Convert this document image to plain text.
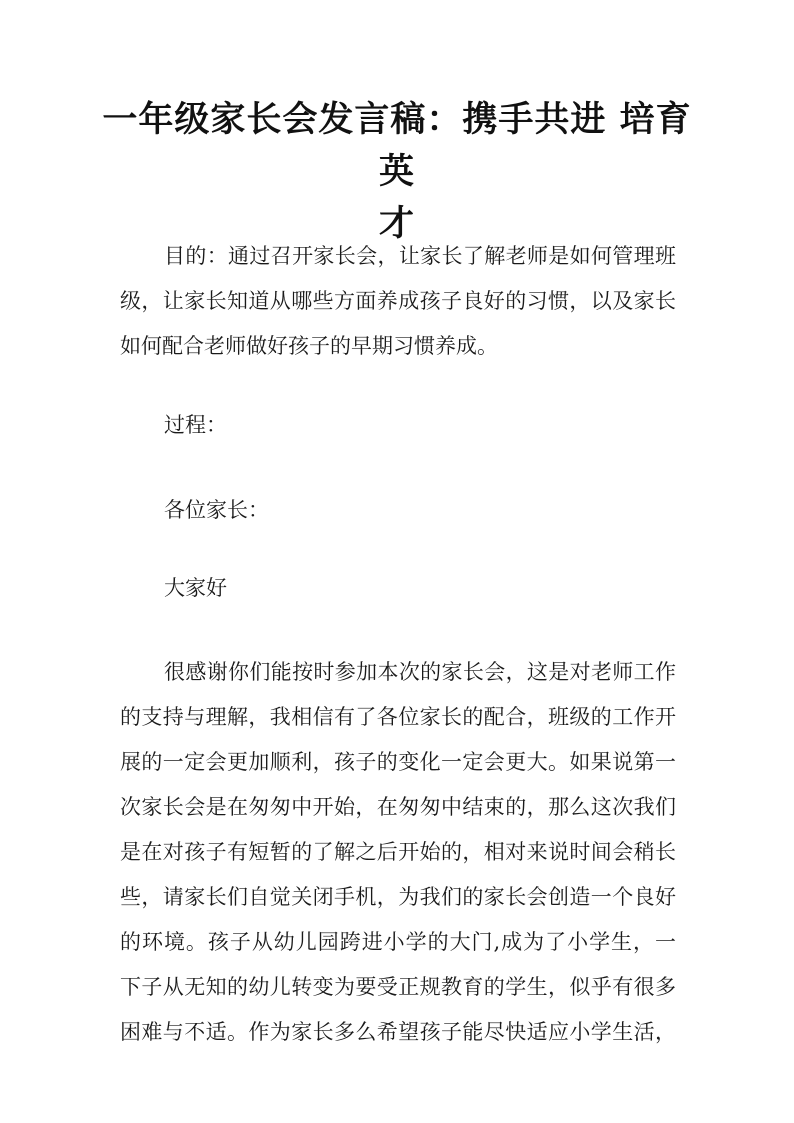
一年级家长会发言稿：携手共进 培育英
才
目的：通过召开家长会，让家长了解老师是如何管理班
级，让家长知道从哪些方面养成孩子良好的习惯，以及家长
如何配合老师做好孩子的早期习惯养成。

过程：

各位家长：

大家好

很感谢你们能按时参加本次的家长会，这是对老师工作
的支持与理解，我相信有了各位家长的配合，班级的工作开
展的一定会更加顺利，孩子的变化一定会更大。如果说第一
次家长会是在匆匆中开始，在匆匆中结束的，那么这次我们
是在对孩子有短暂的了解之后开始的，相对来说时间会稍长
些，请家长们自觉关闭手机，为我们的家长会创造一个良好
的环境。孩子从幼儿园跨进小学的大门,成为了小学生，一
下子从无知的幼儿转变为要受正规教育的学生，似乎有很多
困难与不适。作为家长多么希望孩子能尽快适应小学生活，
